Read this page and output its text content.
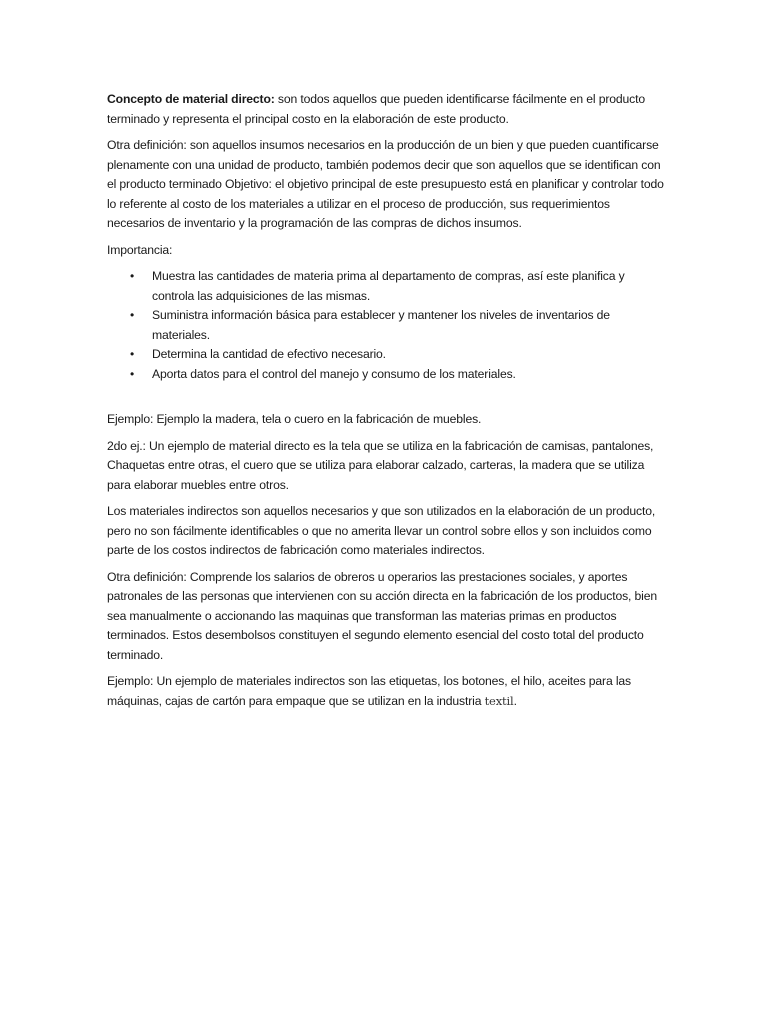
Concepto de material directo: son todos aquellos que pueden identificarse fácilmente en el producto terminado y representa el principal costo en la elaboración de este producto.

Otra definición: son aquellos insumos necesarios en la producción de un bien y que pueden cuantificarse plenamente con una unidad de producto, también podemos decir que son aquellos que se identifican con el producto terminado Objetivo: el objetivo principal de este presupuesto está en planificar y controlar todo lo referente al costo de los materiales a utilizar en el proceso de producción, sus requerimientos necesarios de inventario y la programación de las compras de dichos insumos.

Importancia:

• Muestra las cantidades de materia prima al departamento de compras, así este planifica y controla las adquisiciones de las mismas.
• Suministra información básica para establecer y mantener los niveles de inventarios de materiales.
• Determina la cantidad de efectivo necesario.
• Aporta datos para el control del manejo y consumo de los materiales.

Ejemplo: Ejemplo la madera, tela o cuero en la fabricación de muebles.

2do ej.: Un ejemplo de material directo es la tela que se utiliza en la fabricación de camisas, pantalones, Chaquetas entre otras, el cuero que se utiliza para elaborar calzado, carteras, la madera que se utiliza para elaborar muebles entre otros.

Los materiales indirectos son aquellos necesarios y que son utilizados en la elaboración de un producto, pero no son fácilmente identificables o que no amerita llevar un control sobre ellos y son incluidos como parte de los costos indirectos de fabricación como materiales indirectos.

Otra definición: Comprende los salarios de obreros u operarios las prestaciones sociales, y aportes patronales de las personas que intervienen con su acción directa en la fabricación de los productos, bien sea manualmente o accionando las maquinas que transforman las materias primas en productos terminados. Estos desembolsos constituyen el segundo elemento esencial del costo total del producto terminado.

Ejemplo: Un ejemplo de materiales indirectos son las etiquetas, los botones, el hilo, aceites para las máquinas, cajas de cartón para empaque que se utilizan en la industria textil.
